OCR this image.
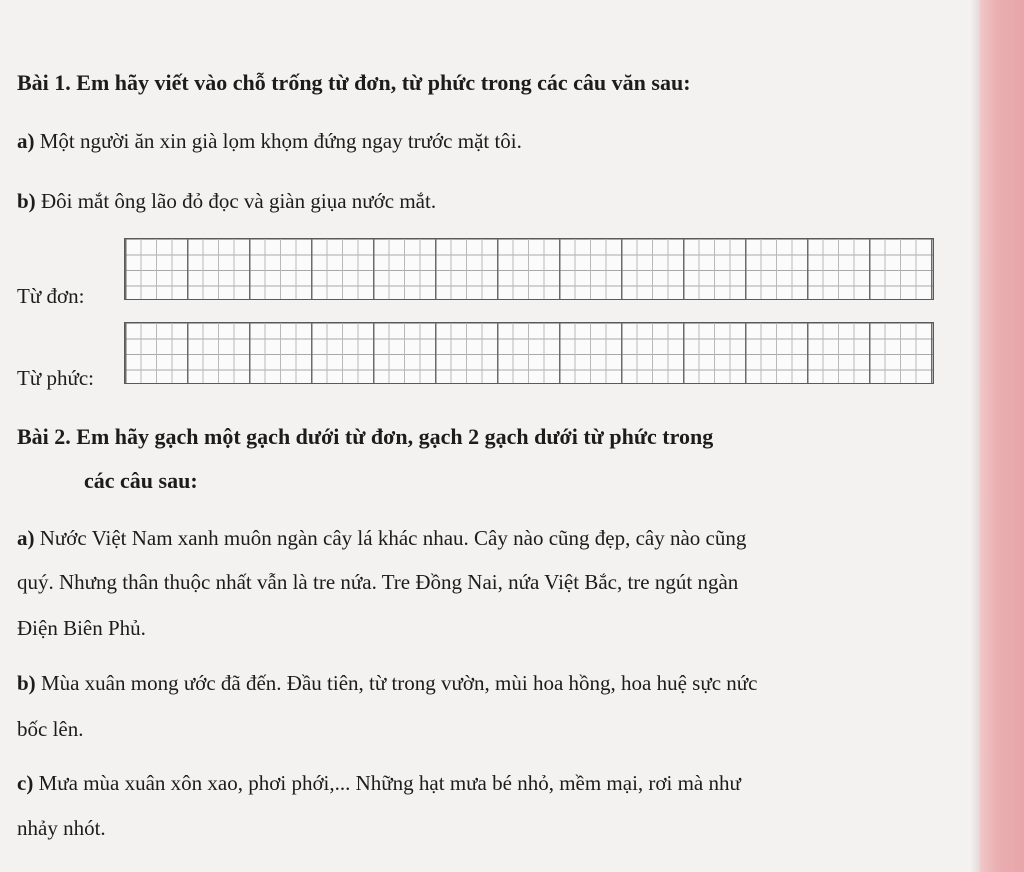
Bài 1. Em hãy viết vào chỗ trống từ đơn, từ phức trong các câu văn sau:
a) Một người ăn xin già lọm khọm đứng ngay trước mặt tôi.
b) Đôi mắt ông lão đỏ đọc và giàn giụa nước mắt.
Từ đơn:
Từ phức:
Bài 2. Em hãy gạch một gạch dưới từ đơn, gạch 2 gạch dưới từ phức trong
các câu sau:
a) Nước Việt Nam xanh muôn ngàn cây lá khác nhau. Cây nào cũng đẹp, cây nào cũng
quý. Nhưng thân thuộc nhất vẫn là tre nứa. Tre Đồng Nai, nứa Việt Bắc, tre ngút ngàn
Điện Biên Phủ.
b) Mùa xuân mong ước đã đến. Đầu tiên, từ trong vườn, mùi hoa hồng, hoa huệ sực nức
bốc lên.
c) Mưa mùa xuân xôn xao, phơi phới,... Những hạt mưa bé nhỏ, mềm mại, rơi mà như
nhảy nhót.
